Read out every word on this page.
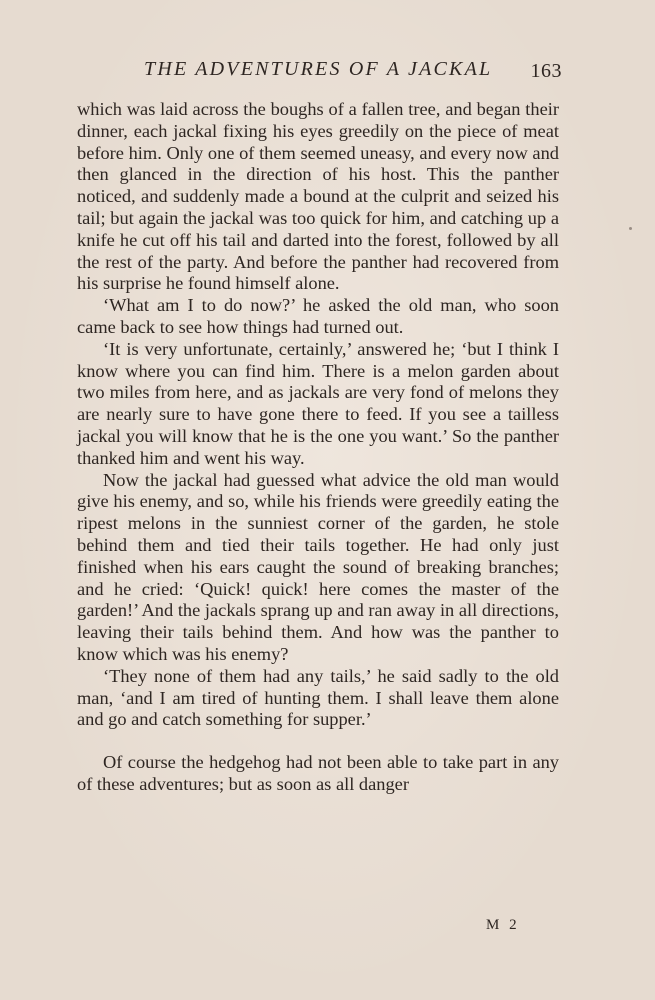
THE ADVENTURES OF A JACKAL 163

which was laid across the boughs of a fallen tree, and began their dinner, each jackal fixing his eyes greedily on the piece of meat before him. Only one of them seemed uneasy, and every now and then glanced in the direction of his host. This the panther noticed, and suddenly made a bound at the culprit and seized his tail; but again the jackal was too quick for him, and catching up a knife he cut off his tail and darted into the forest, followed by all the rest of the party. And before the panther had recovered from his surprise he found himself alone.

‘What am I to do now?’ he asked the old man, who soon came back to see how things had turned out.

‘It is very unfortunate, certainly,’ answered he; ‘but I think I know where you can find him. There is a melon garden about two miles from here, and as jackals are very fond of melons they are nearly sure to have gone there to feed. If you see a tailless jackal you will know that he is the one you want.’ So the panther thanked him and went his way.

Now the jackal had guessed what advice the old man would give his enemy, and so, while his friends were greedily eating the ripest melons in the sunniest corner of the garden, he stole behind them and tied their tails together. He had only just finished when his ears caught the sound of breaking branches; and he cried: ‘Quick! quick! here comes the master of the garden!’ And the jackals sprang up and ran away in all directions, leaving their tails behind them. And how was the panther to know which was his enemy?

‘They none of them had any tails,’ he said sadly to the old man, ‘and I am tired of hunting them. I shall leave them alone and go and catch something for supper.’

Of course the hedgehog had not been able to take part in any of these adventures; but as soon as all danger

M 2
